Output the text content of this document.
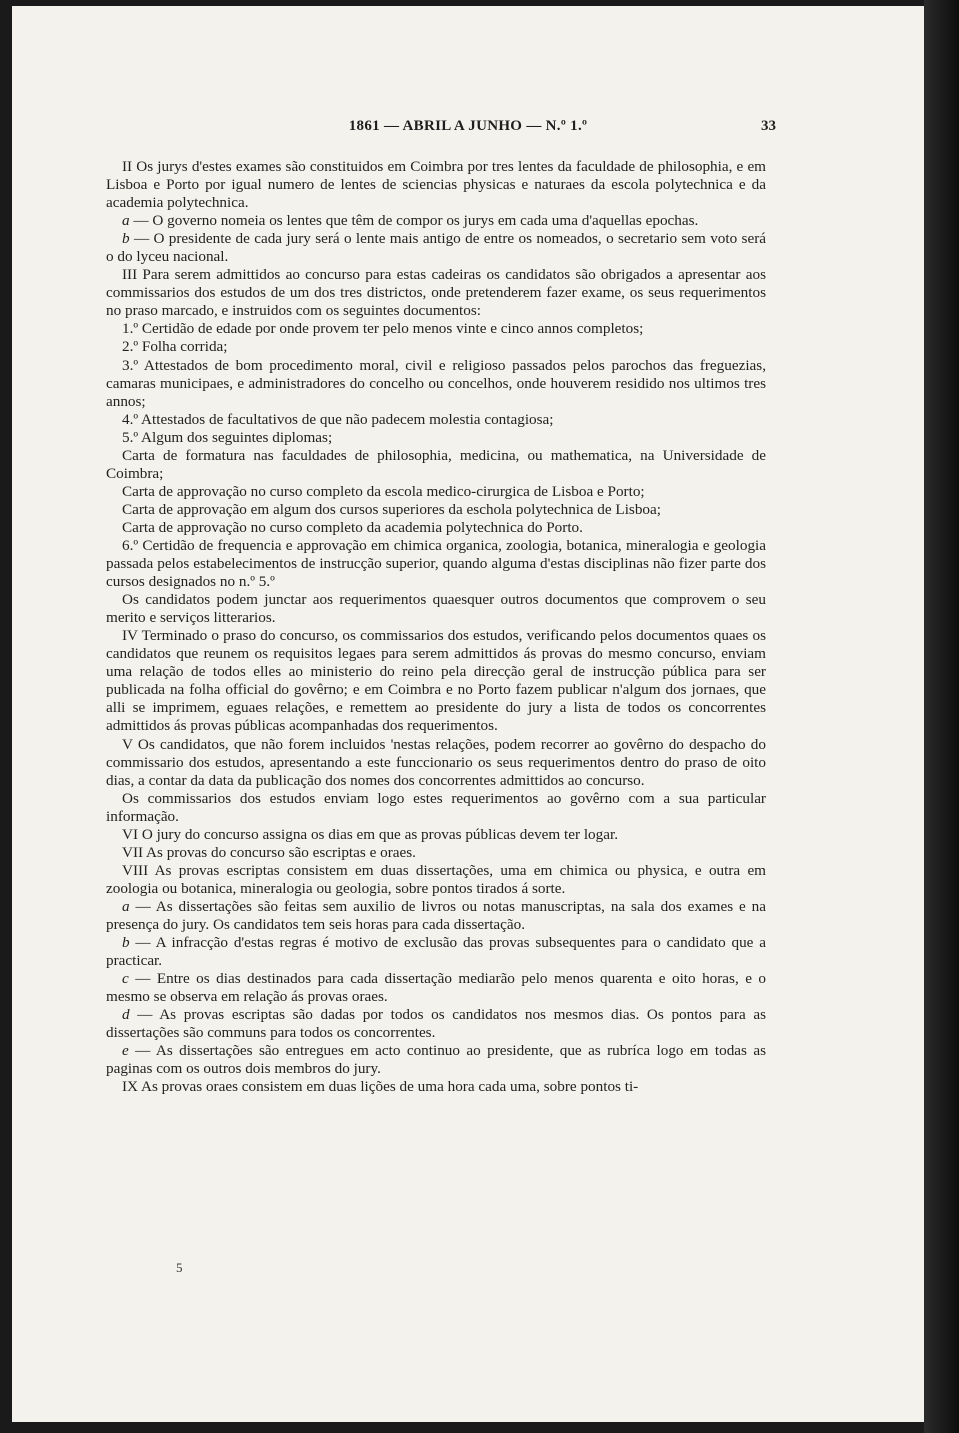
1861 — ABRIL A JUNHO — N.º 1.º	33

II Os jurys d'estes exames são constituidos em Coimbra por tres lentes da faculdade de philosophia, e em Lisboa e Porto por igual numero de lentes de sciencias physicas e naturaes da escola polytechnica e da academia polytechnica.

a — O governo nomeia os lentes que têm de compor os jurys em cada uma d'aquellas epochas.

b — O presidente de cada jury será o lente mais antigo de entre os nomeados, o secretario sem voto será o do lyceu nacional.

III Para serem admittidos ao concurso para estas cadeiras os candidatos são obrigados a apresentar aos commissarios dos estudos de um dos tres districtos, onde pretenderem fazer exame, os seus requerimentos no praso marcado, e instruidos com os seguintes documentos:

1.º Certidão de edade por onde provem ter pelo menos vinte e cinco annos completos;

2.º Folha corrida;

3.º Attestados de bom procedimento moral, civil e religioso passados pelos parochos das freguezias, camaras municipaes, e administradores do concelho ou concelhos, onde houverem residido nos ultimos tres annos;

4.º Attestados de facultativos de que não padecem molestia contagiosa;

5.º Algum dos seguintes diplomas;

Carta de formatura nas faculdades de philosophia, medicina, ou mathematica, na Universidade de Coimbra;

Carta de approvação no curso completo da escola medico-cirurgica de Lisboa e Porto;

Carta de approvação em algum dos cursos superiores da eschola polytechnica de Lisboa;

Carta de approvação no curso completo da academia polytechnica do Porto.

6.º Certidão de frequencia e approvação em chimica organica, zoologia, botanica, mineralogia e geologia passada pelos estabelecimentos de instrucção superior, quando alguma d'estas disciplinas não fizer parte dos cursos designados no n.º 5.º

Os candidatos podem junctar aos requerimentos quaesquer outros documentos que comprovem o seu merito e serviços litterarios.

IV Terminado o praso do concurso, os commissarios dos estudos, verificando pelos documentos quaes os candidatos que reunem os requisitos legaes para serem admittidos ás provas do mesmo concurso, enviam uma relação de todos elles ao ministerio do reino pela direcção geral de instrucção pública para ser publicada na folha official do govêrno; e em Coimbra e no Porto fazem publicar n'algum dos jornaes, que alli se imprimem, eguaes relações, e remettem ao presidente do jury a lista de todos os concorrentes admittidos ás provas públicas acompanhadas dos requerimentos.

V Os candidatos, que não forem incluidos 'nestas relações, podem recorrer ao govêrno do despacho do commissario dos estudos, apresentando a este funccionario os seus requerimentos dentro do praso de oito dias, a contar da data da publicação dos nomes dos concorrentes admittidos ao concurso.

Os commissarios dos estudos enviam logo estes requerimentos ao govêrno com a sua particular informação.

VI O jury do concurso assigna os dias em que as provas públicas devem ter logar.

VII As provas do concurso são escriptas e oraes.

VIII As provas escriptas consistem em duas dissertações, uma em chimica ou physica, e outra em zoologia ou botanica, mineralogia ou geologia, sobre pontos tirados á sorte.

a — As dissertações são feitas sem auxilio de livros ou notas manuscriptas, na sala dos exames e na presença do jury. Os candidatos tem seis horas para cada dissertação.

b — A infracção d'estas regras é motivo de exclusão das provas subsequentes para o candidato que a practicar.

c — Entre os dias destinados para cada dissertação mediarão pelo menos quarenta e oito horas, e o mesmo se observa em relação ás provas oraes.

d — As provas escriptas são dadas por todos os candidatos nos mesmos dias. Os pontos para as dissertações são communs para todos os concorrentes.

e — As dissertações são entregues em acto continuo ao presidente, que as rubríca logo em todas as paginas com os outros dois membros do jury.

IX As provas oraes consistem em duas lições de uma hora cada uma, sobre pontos ti-

5
